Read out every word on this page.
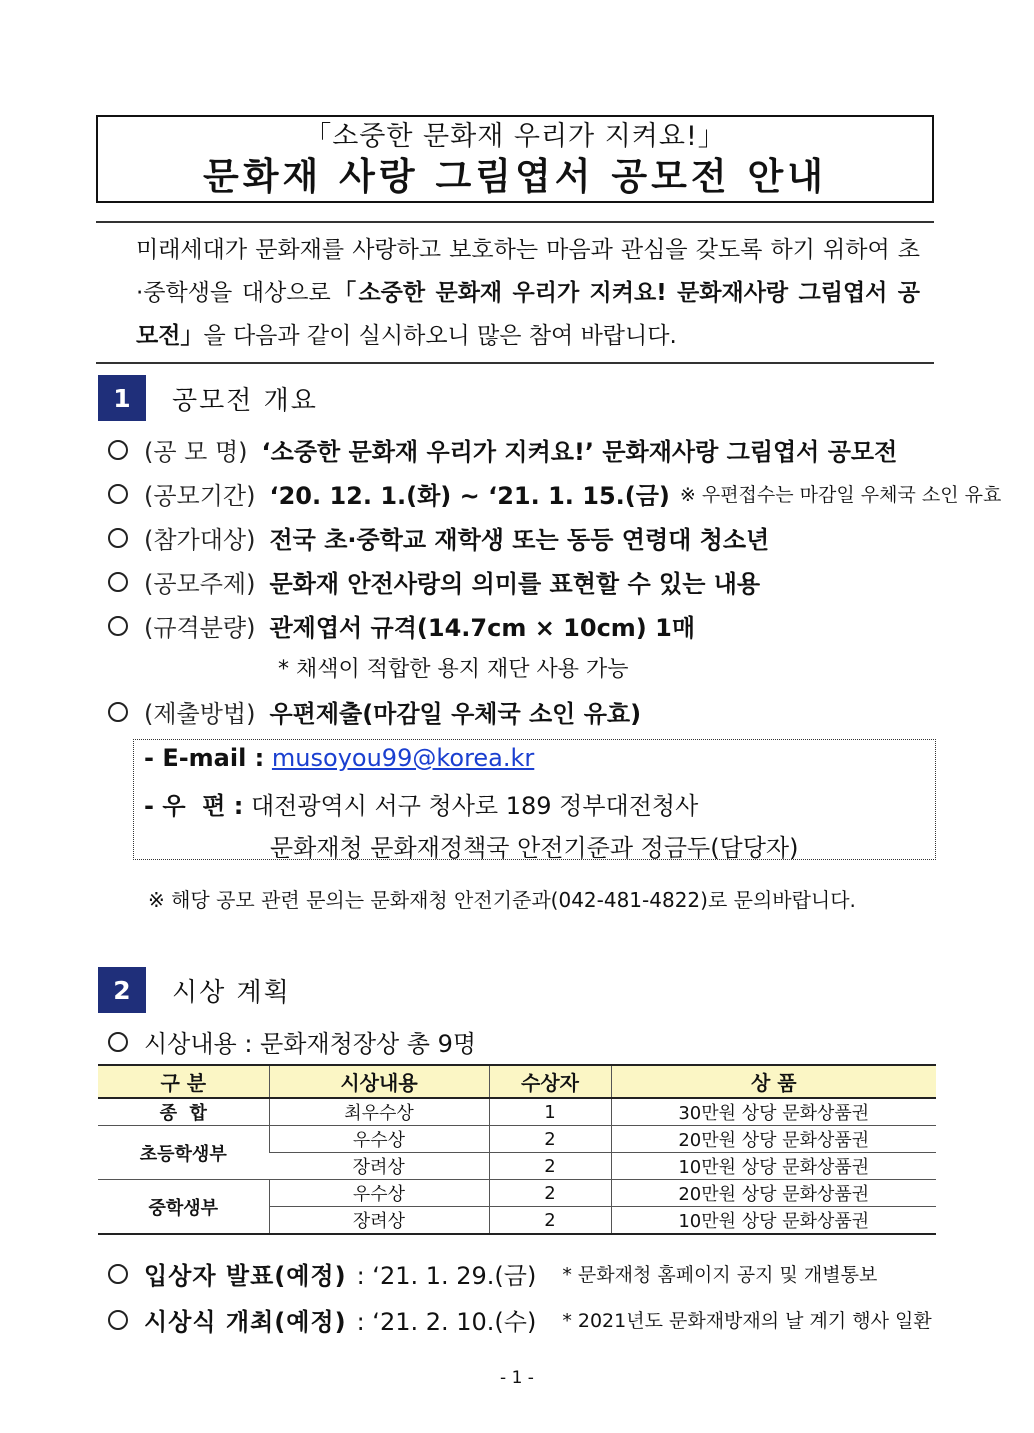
「소중한 문화재 우리가 지켜요!」
문화재 사랑 그림엽서 공모전 안내
미래세대가 문화재를 사랑하고 보호하는 마음과 관심을 갖도록 하기 위하여 초·중학생을 대상으로「소중한 문화재 우리가 지켜요! 문화재사랑 그림엽서 공모전」을 다음과 같이 실시하오니 많은 참여 바랍니다.
1	공모전 개요
(공 모 명) ‘소중한 문화재 우리가 지켜요!’ 문화재사랑 그림엽서 공모전
(공모기간) ‘20. 12. 1.(화) ~ ‘21. 1. 15.(금) ※ 우편접수는 마감일 우체국 소인 유효
(참가대상) 전국 초·중학교 재학생 또는 동등 연령대 청소년
(공모주제) 문화재 안전사랑의 의미를 표현할 수 있는 내용
(규격분량) 관제엽서 규격(14.7cm × 10cm) 1매
* 채색이 적합한 용지 재단 사용 가능
(제출방법) 우편제출(마감일 우체국 소인 유효)
- E-mail : musoyou99@korea.kr
- 우  편 : 대전광역시 서구 청사로 189 정부대전청사
문화재청 문화재정책국 안전기준과 정금두(담당자)
※ 해당 공모 관련 문의는 문화재청 안전기준과(042-481-4822)로 문의바랍니다.
2	시상 계획
시상내용 : 문화재청장상 총 9명
구 분	시상내용	수상자	상 품
종  합	최우수상	1	30만원 상당 문화상품권
초등학생부	우수상	2	20만원 상당 문화상품권
	장려상	2	10만원 상당 문화상품권
중학생부	우수상	2	20만원 상당 문화상품권
	장려상	2	10만원 상당 문화상품권
입상자 발표(예정) : ‘21. 1. 29.(금) * 문화재청 홈페이지 공지 및 개별통보
시상식 개최(예정) : ‘21. 2. 10.(수) * 2021년도 문화재방재의 날 계기 행사 일환
- 1 -
